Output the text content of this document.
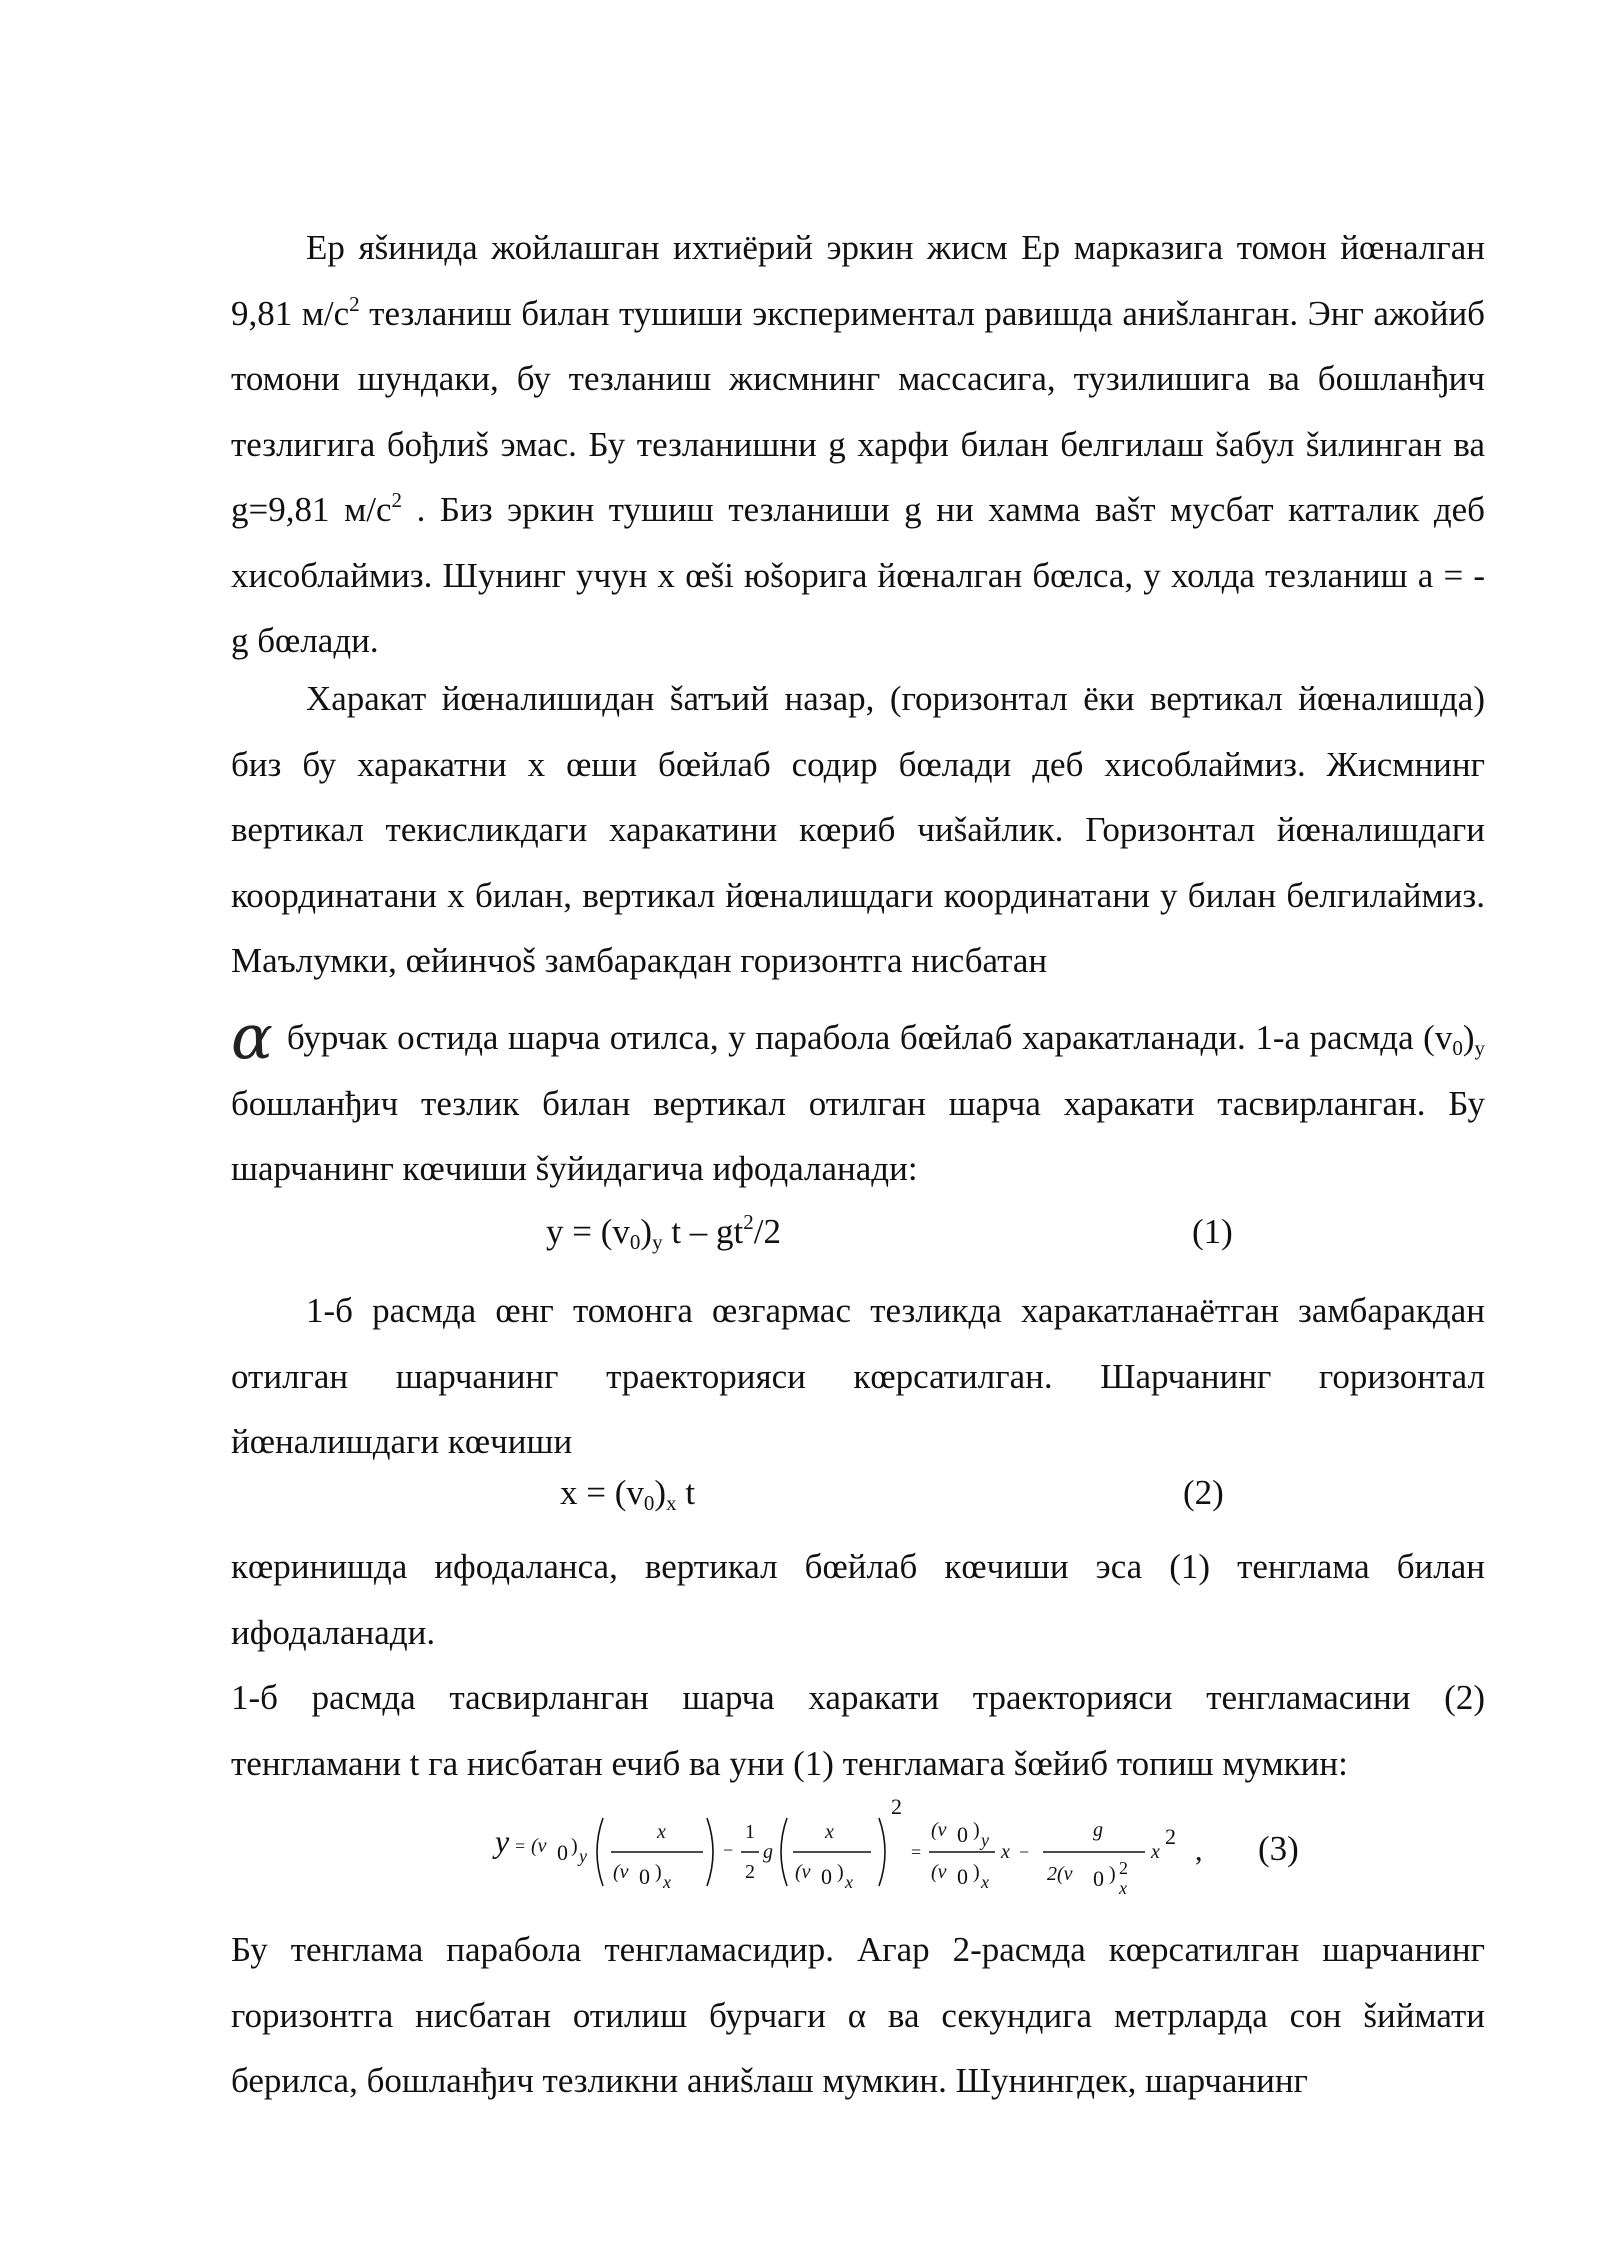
Ер яšинида жойлашган ихтиёрий эркин жисм Ер марказига томон йœналган 9,81 $м/с^2$ тезланиш билан тушиши экспериментал равишда аниšланган. Энг ажойиб томони шундаки, бу тезланиш жисмнинг массасига, тузилишига ва бошланђич тезлигига бођлиš эмас. Бу тезланишни g харфи билан белгилаш šабул šилинган ва g=9,81 $м/с^2$ . Биз эркин тушиш тезланиши g ни хамма ваšт мусбат катталик деб хисоблаймиз. Шунинг учун х œši юšорига йœналган бœлса, у холда тезланиш a = - g бœлади.
Харакат йœналишидан šатъий назар, (горизонтал ёки вертикал йœналишда) биз бу харакатни х œши бœйлаб содир бœлади деб хисоблаймиз. Жисмнинг вертикал текисликдаги харакатини кœриб чиšайлик. Горизонтал йœналишдаги координатани х билан, вертикал йœналишдаги координатани у билан белгилаймиз. Маълумки, œйинчоš замбаракдан горизонтга нисбатан
αбурчак остида шарча отилса, у парабола бœйлаб харакатланади. 1-а расмда $(v_0)_у$ бошланђич тезлик билан вертикал отилган шарча харакати тасвирланган. Бу шарчанинг кœчиши šуйидагича ифодаланади:
$у = (v_0)_у$ t – $gt^2/2$	(1)
1-б расмда œнг томонга œзгармас тезликда харакатланаётган замбаракдан отилган шарчанинг траекторияси кœрсатилган. Шарчанинг горизонтал йœналишдаги кœчиши
$х = (v_0)_х$ t	(2)
кœринишда ифодаланса, вертикал бœйлаб кœчиши эса (1) тенглама билан ифодаланади.
1-б расмда тасвирланган шарча харакати траекторияси тенгламасини (2) тенгламани t га нисбатан ечиб ва уни (1) тенгламага šœйиб топиш мумкин:
y = (v 0 ) y
x
(v 0 ) x
−
1
2
g
x
(v 0 ) x
2
=
(v 0 ) y
(v 0 ) x
x −
g
2(v 0 ) 2
x
x
2 , (3)
Бу тенглама парабола тенгламасидир. Агар 2-расмда кœрсатилган шарчанинг горизонтга нисбатан отилиш бурчаги α ва секундига метрларда сон šиймати берилса, бошланђич тезликни аниšлаш мумкин. Шунингдек, шарчанинг
